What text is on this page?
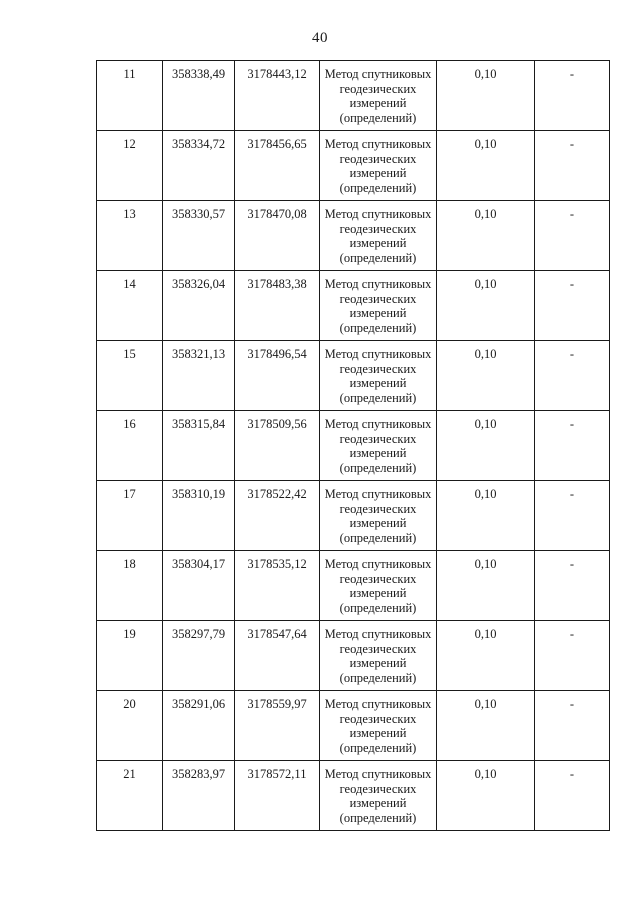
40
11	358338,49	3178443,12	Метод спутниковых
геодезических
измерений
(определений)	0,10	-
12	358334,72	3178456,65	Метод спутниковых
геодезических
измерений
(определений)	0,10	-
13	358330,57	3178470,08	Метод спутниковых
геодезических
измерений
(определений)	0,10	-
14	358326,04	3178483,38	Метод спутниковых
геодезических
измерений
(определений)	0,10	-
15	358321,13	3178496,54	Метод спутниковых
геодезических
измерений
(определений)	0,10	-
16	358315,84	3178509,56	Метод спутниковых
геодезических
измерений
(определений)	0,10	-
17	358310,19	3178522,42	Метод спутниковых
геодезических
измерений
(определений)	0,10	-
18	358304,17	3178535,12	Метод спутниковых
геодезических
измерений
(определений)	0,10	-
19	358297,79	3178547,64	Метод спутниковых
геодезических
измерений
(определений)	0,10	-
20	358291,06	3178559,97	Метод спутниковых
геодезических
измерений
(определений)	0,10	-
21	358283,97	3178572,11	Метод спутниковых
геодезических
измерений
(определений)	0,10	-
